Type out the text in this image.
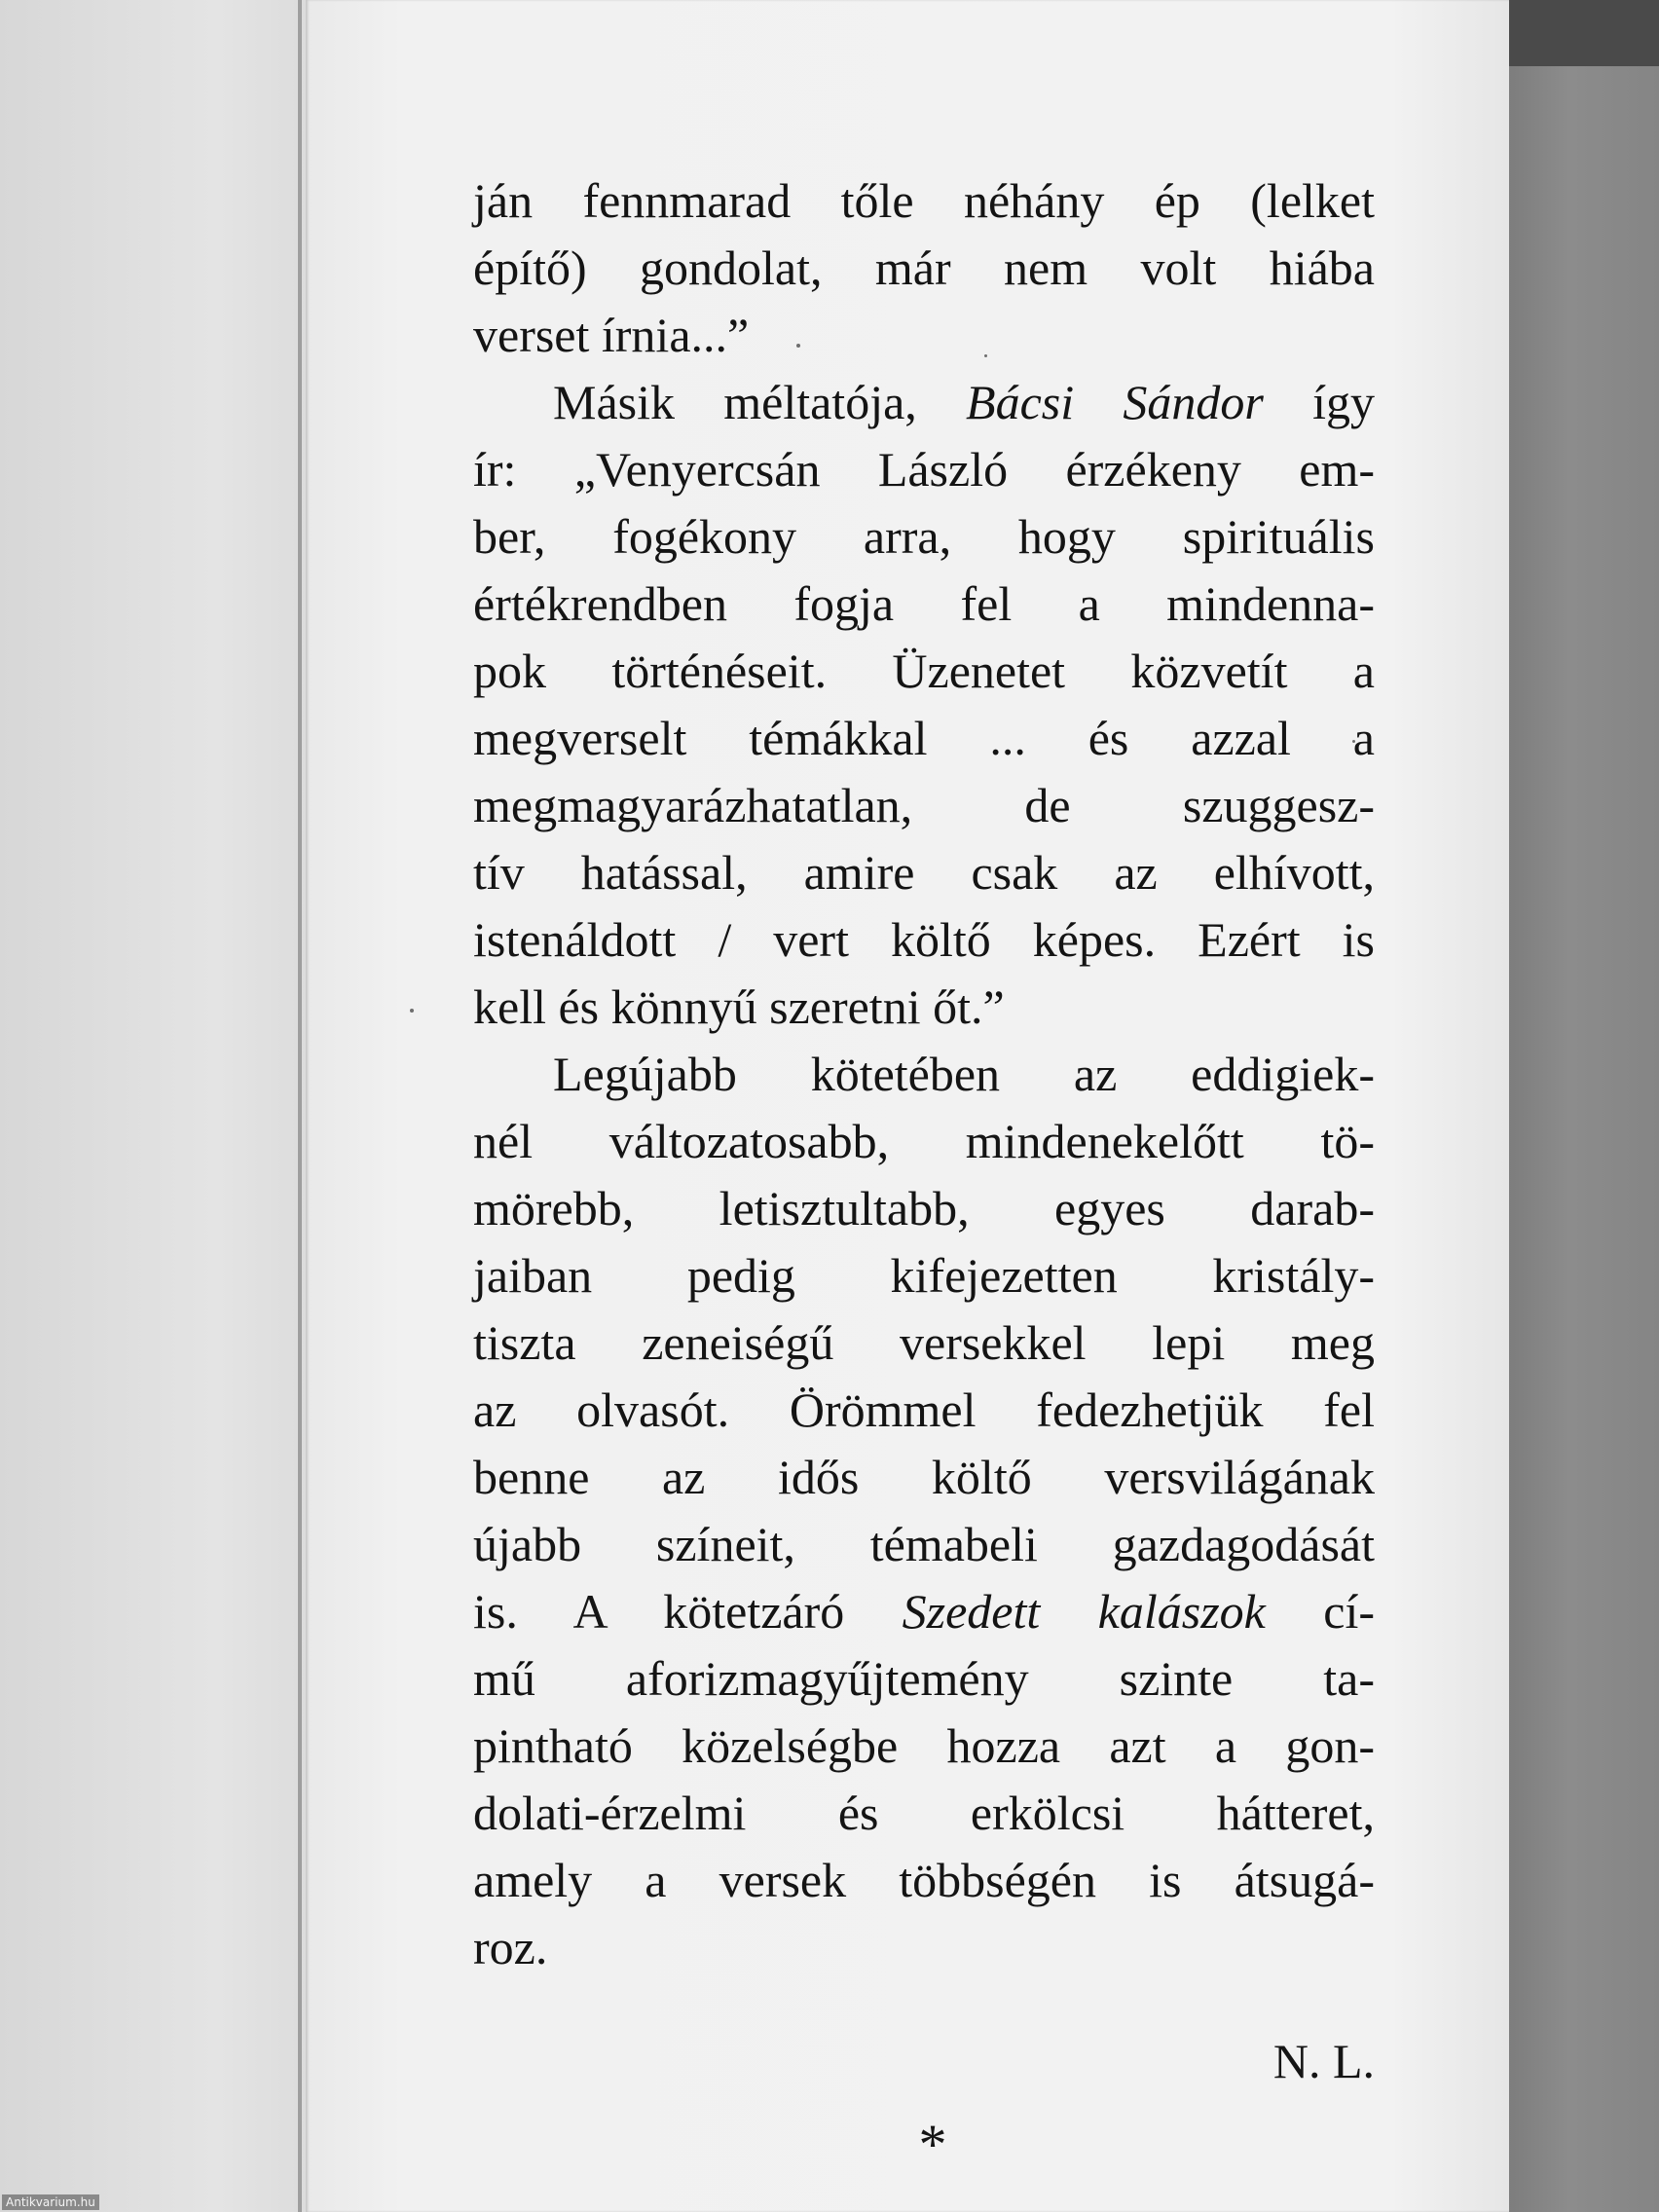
ján fennmarad tőle néhány ép (lelket
építő) gondolat, már nem volt hiába
verset írnia...”
Másik méltatója, Bácsi Sándor így
ír: „Venyercsán László érzékeny em-
ber, fogékony arra, hogy spirituális
értékrendben fogja fel a mindenna-
pok történéseit. Üzenetet közvetít a
megverselt témákkal ... és azzal a
megmagyarázhatatlan, de szuggesz-
tív hatással, amire csak az elhívott,
istenáldott / vert költő képes. Ezért is
kell és könnyű szeretni őt.”
Legújabb kötetében az eddigiek-
nél változatosabb, mindenekelőtt tö-
mörebb, letisztultabb, egyes darab-
jaiban pedig kifejezetten kristály-
tiszta zeneiségű versekkel lepi meg
az olvasót. Örömmel fedezhetjük fel
benne az idős költő versvilágának
újabb színeit, témabeli gazdagodását
is. A kötetzáró Szedett kalászok cí-
mű aforizmagyűjtemény szinte ta-
pintható közelségbe hozza azt a gon-
dolati-érzelmi és erkölcsi hátteret,
amely a versek többségén is átsugá-
roz.
N. L.
*
Antikvarium.hu
